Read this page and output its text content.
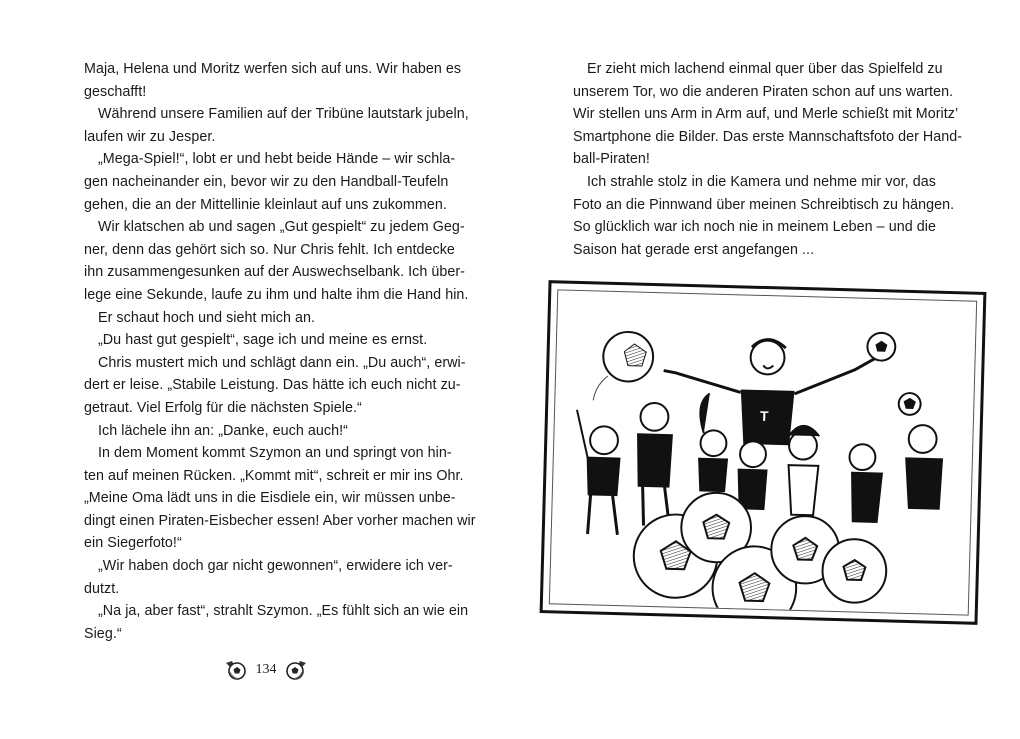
Maja, Helena und Moritz werfen sich auf uns. Wir haben es
geschafft!
Während unsere Familien auf der Tribüne lautstark jubeln,
laufen wir zu Jesper.
„Mega-Spiel!“, lobt er und hebt beide Hände – wir schla-
gen nacheinander ein, bevor wir zu den Handball-Teufeln
gehen, die an der Mittellinie kleinlaut auf uns zukommen.
Wir klatschen ab und sagen „Gut gespielt“ zu jedem Geg-
ner, denn das gehört sich so. Nur Chris fehlt. Ich entdecke
ihn zusammengesunken auf der Auswechselbank. Ich über-
lege eine Sekunde, laufe zu ihm und halte ihm die Hand hin.
Er schaut hoch und sieht mich an.
„Du hast gut gespielt“, sage ich und meine es ernst.
Chris mustert mich und schlägt dann ein. „Du auch“, erwi-
dert er leise. „Stabile Leistung. Das hätte ich euch nicht zu-
getraut. Viel Erfolg für die nächsten Spiele.“
Ich lächele ihn an: „Danke, euch auch!“
In dem Moment kommt Szymon an und springt von hin-
ten auf meinen Rücken. „Kommt mit“, schreit er mir ins Ohr.
„Meine Oma lädt uns in die Eisdiele ein, wir müssen unbe-
dingt einen Piraten-Eisbecher essen! Aber vorher machen wir
ein Siegerfoto!“
„Wir haben doch gar nicht gewonnen“, erwidere ich ver-
dutzt.
„Na ja, aber fast“, strahlt Szymon. „Es fühlt sich an wie ein
Sieg.“
134
Er zieht mich lachend einmal quer über das Spielfeld zu
unserem Tor, wo die anderen Piraten schon auf uns warten.
Wir stellen uns Arm in Arm auf, und Merle schießt mit Moritz’
Smartphone die Bilder. Das erste Mannschaftsfoto der Hand-
ball-Piraten!
Ich strahle stolz in die Kamera und nehme mir vor, das
Foto an die Pinnwand über meinen Schreibtisch zu hängen.
So glücklich war ich noch nie in meinem Leben – und die
Saison hat gerade erst angefangen ...
T
